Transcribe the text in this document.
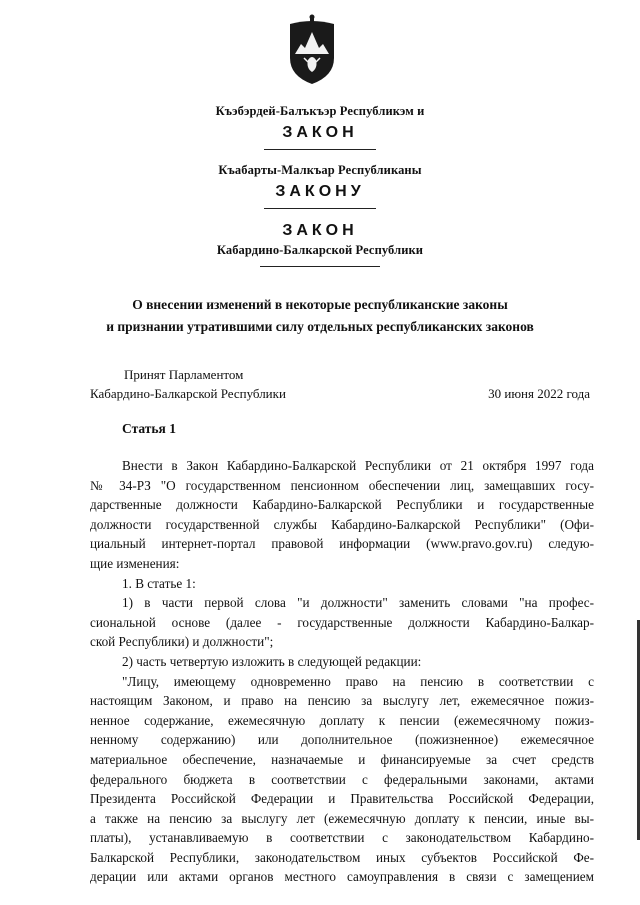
Къэбэрдей-Балъкъэр Республикэм и
ЗАКОН
Къабарты-Малкъар Республиканы
ЗАКОНУ
ЗАКОН
Кабардино-Балкарской Республики
О внесении изменений в некоторые республиканские законы
и признании утратившими силу отдельных республиканских законов
Принят Парламентом
Кабардино-Балкарской Республики	30 июня 2022 года
Статья 1
Внести в Закон Кабардино-Балкарской Республики от 21 октября 1997 года
№ 34-РЗ "О государственном пенсионном обеспечении лиц, замещавших госу-
дарственные должности Кабардино-Балкарской Республики и государственные
должности государственной службы Кабардино-Балкарской Республики" (Офи-
циальный интернет-портал правовой информации (www.pravo.gov.ru) следую-
щие изменения:
1. В статье 1:
1) в части первой слова "и должности" заменить словами "на профес-
сиональной основе (далее - государственные должности Кабардино-Балкар-
ской Республики) и должности";
2) часть четвертую изложить в следующей редакции:
"Лицу, имеющему одновременно право на пенсию в соответствии с
настоящим Законом, и право на пенсию за выслугу лет, ежемесячное пожиз-
ненное содержание, ежемесячную доплату к пенсии (ежемесячному пожиз-
ненному содержанию) или дополнительное (пожизненное) ежемесячное
материальное обеспечение, назначаемые и финансируемые за счет средств
федерального бюджета в соответствии с федеральными законами, актами
Президента Российской Федерации и Правительства Российской Федерации,
а также на пенсию за выслугу лет (ежемесячную доплату к пенсии, иные вы-
платы), устанавливаемую в соответствии с законодательством Кабардино-
Балкарской Республики, законодательством иных субъектов Российской Фе-
дерации или актами органов местного самоуправления в связи с замещением
